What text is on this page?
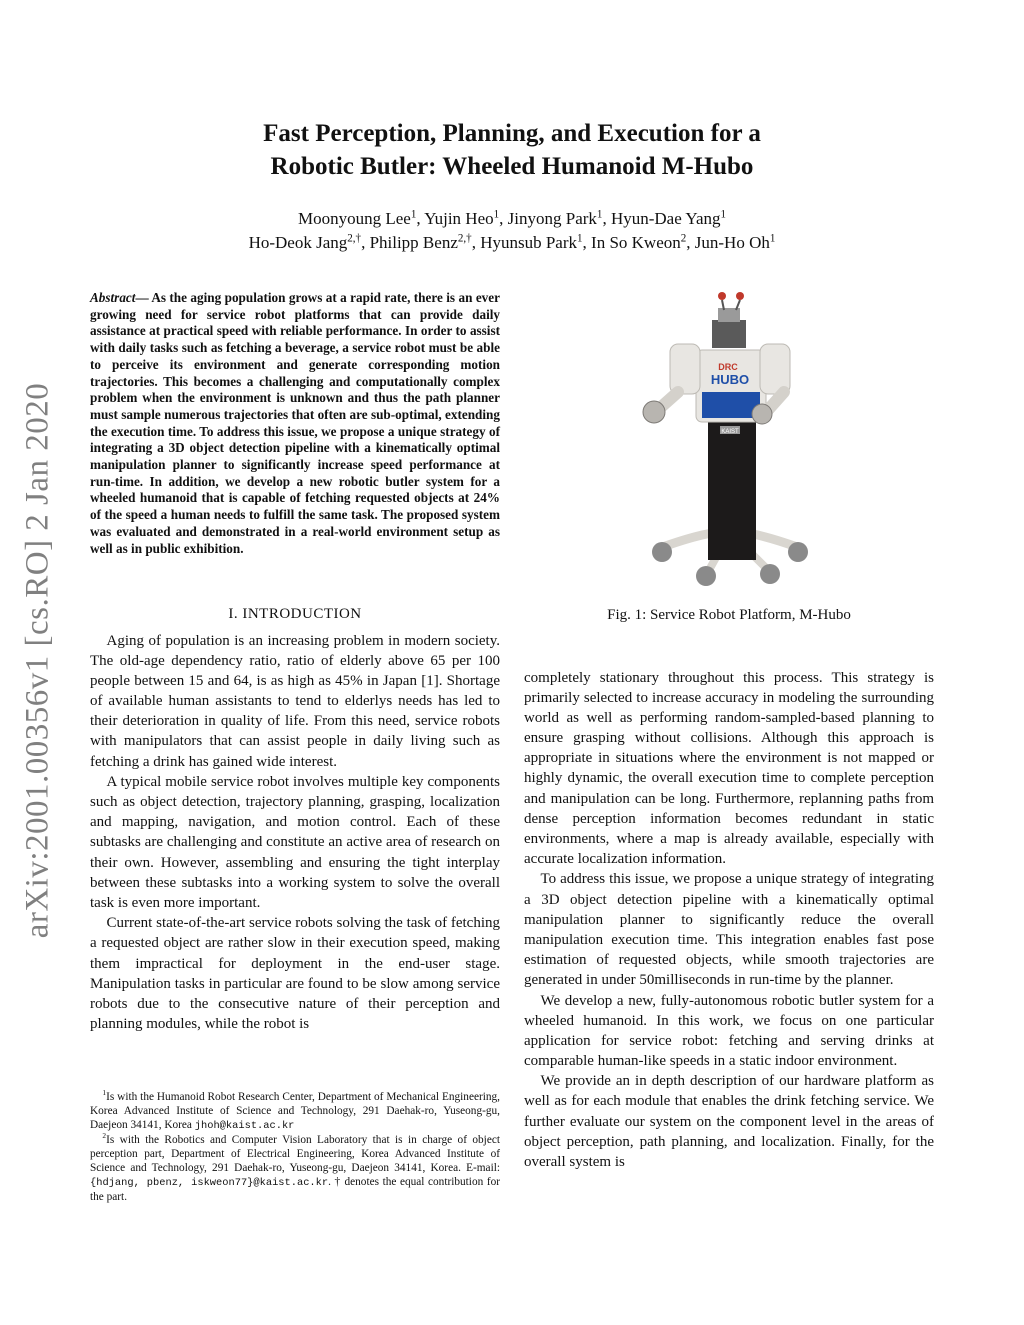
arXiv:2001.00356v1 [cs.RO] 2 Jan 2020
Fast Perception, Planning, and Execution for a
Robotic Butler: Wheeled Humanoid M-Hubo
Moonyoung Lee$^1$, Yujin Heo$^1$, Jinyong Park$^1$, Hyun-Dae Yang$^1$
Ho-Deok Jang$^{2,\dagger}$, Philipp Benz$^{2,\dagger}$, Hyunsub Park$^1$, In So Kweon$^2$, Jun-Ho Oh$^1$
Abstract— As the aging population grows at a rapid rate, there is an ever growing need for service robot platforms that can provide daily assistance at practical speed with reliable performance. In order to assist with daily tasks such as fetching a beverage, a service robot must be able to perceive its environment and generate corresponding motion trajectories. This becomes a challenging and computationally complex problem when the environment is unknown and thus the path planner must sample numerous trajectories that often are sub-optimal, extending the execution time. To address this issue, we propose a unique strategy of integrating a 3D object detection pipeline with a kinematically optimal manipulation planner to significantly increase speed performance at run-time. In addition, we develop a new robotic butler system for a wheeled humanoid that is capable of fetching requested objects at 24% of the speed a human needs to fulfill the same task. The proposed system was evaluated and demonstrated in a real-world environment setup as well as in public exhibition.
I. INTRODUCTION

Aging of population is an increasing problem in modern society. The old-age dependency ratio, ratio of elderly above 65 per 100 people between 15 and 64, is as high as 45% in Japan [1]. Shortage of available human assistants to tend to elderlys needs has led to their deterioration in quality of life. From this need, service robots with manipulators that can assist people in daily living such as fetching a drink has gained wide interest.

A typical mobile service robot involves multiple key components such as object detection, trajectory planning, grasping, localization and mapping, navigation, and motion control. Each of these subtasks are challenging and constitute an active area of research on their own. However, assembling and ensuring the tight interplay between these subtasks into a working system to solve the overall task is even more important.

Current state-of-the-art service robots solving the task of fetching a requested object are rather slow in their execution speed, making them impractical for deployment in the end-user stage. Manipulation tasks in particular are found to be slow among service robots due to the consecutive nature of their perception and planning modules, while the robot is

$^1$Is with the Humanoid Robot Research Center, Department of Mechanical Engineering, Korea Advanced Institute of Science and Technology, 291 Daehak-ro, Yuseong-gu, Daejeon 34141, Korea jhoh@kaist.ac.kr

$^2$Is with the Robotics and Computer Vision Laboratory that is in charge of object perception part, Department of Electrical Engineering, Korea Advanced Institute of Science and Technology, 291 Daehak-ro, Yuseong-gu, Daejeon 34141, Korea. E-mail: {hdjang, pbenz, iskweon77}@kaist.ac.kr. † denotes the equal contribution for the part.

KAIST
DRC
HUBO
Fig. 1: Service Robot Platform, M-Hubo

completely stationary throughout this process. This strategy is primarily selected to increase accuracy in modeling the surrounding world as well as performing random-sampled-based planning to ensure grasping without collisions. Although this approach is appropriate in situations where the environment is not mapped or highly dynamic, the overall execution time to complete perception and manipulation can be long. Furthermore, replanning paths from dense perception information becomes redundant in static environments, where a map is already available, especially with accurate localization information.

To address this issue, we propose a unique strategy of integrating a 3D object detection pipeline with a kinematically optimal manipulation planner to significantly reduce the overall manipulation execution time. This integration enables fast pose estimation of requested objects, while smooth trajectories are generated in under 50milliseconds in run-time by the planner.

We develop a new, fully-autonomous robotic butler system for a wheeled humanoid. In this work, we focus on one particular application for service robot: fetching and serving drinks at comparable human-like speeds in a static indoor environment.

We provide an in depth description of our hardware platform as well as for each module that enables the drink fetching service. We further evaluate our system on the component level in the areas of object perception, path planning, and localization. Finally, for the overall system is
